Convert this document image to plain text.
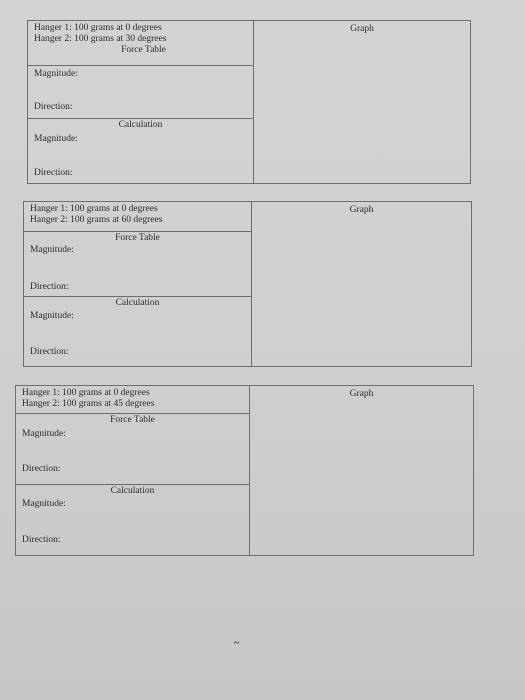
Hanger 1: 100 grams at 0 degrees
Hanger 2: 100 grams at 30 degrees
Force Table
Magnitude:
Direction:
Calculation
Magnitude:
Direction:
Graph
Hanger 1: 100 grams at 0 degrees
Hanger 2: 100 grams at 60 degrees
Force Table
Magnitude:
Direction:
Calculation
Magnitude:
Direction:
Graph
Hanger 1: 100 grams at 0 degrees
Hanger 2: 100 grams at 45 degrees
Force Table
Magnitude:
Direction:
Calculation
Magnitude:
Direction:
Graph
~
